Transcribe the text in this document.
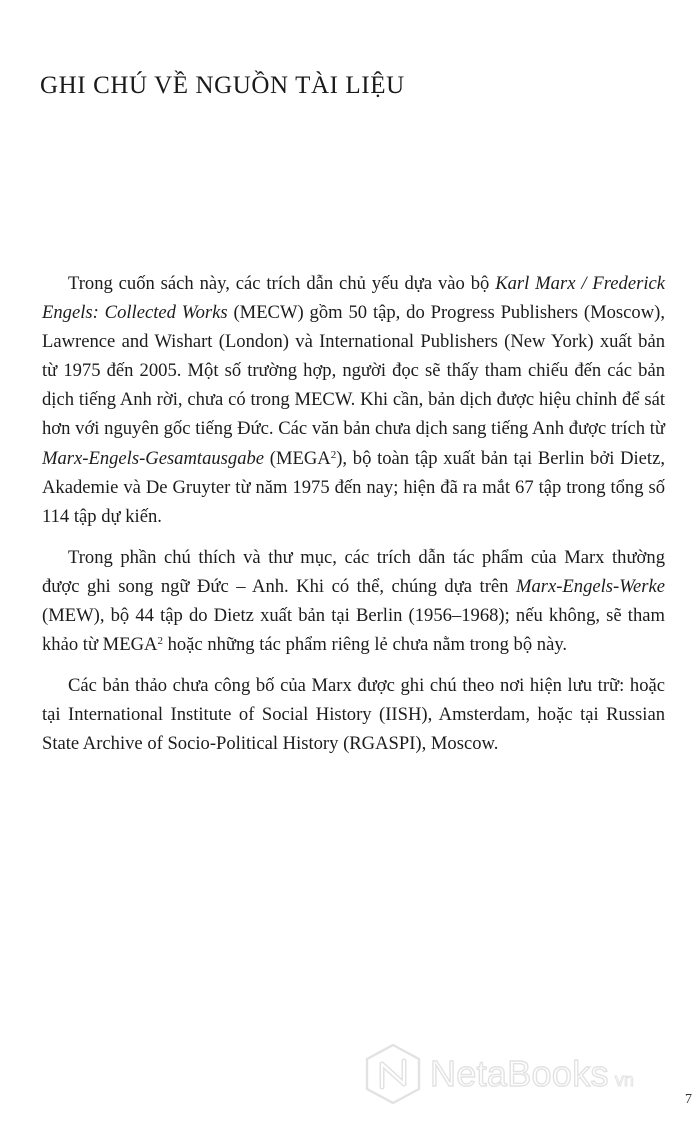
GHI CHÚ VỀ NGUỒN TÀI LIỆU

Trong cuốn sách này, các trích dẫn chủ yếu dựa vào bộ Karl Marx / Frederick Engels: Collected Works (MECW) gồm 50 tập, do Progress Publishers (Moscow), Lawrence and Wishart (London) và International Publishers (New York) xuất bản từ 1975 đến 2005. Một số trường hợp, người đọc sẽ thấy tham chiếu đến các bản dịch tiếng Anh rời, chưa có trong MECW. Khi cần, bản dịch được hiệu chỉnh để sát hơn với nguyên gốc tiếng Đức. Các văn bản chưa dịch sang tiếng Anh được trích từ Marx-Engels-Gesamtausgabe (MEGA$^2$), bộ toàn tập xuất bản tại Berlin bởi Dietz, Akademie và De Gruyter từ năm 1975 đến nay; hiện đã ra mắt 67 tập trong tổng số 114 tập dự kiến.

Trong phần chú thích và thư mục, các trích dẫn tác phẩm của Marx thường được ghi song ngữ Đức – Anh. Khi có thể, chúng dựa trên Marx-Engels-Werke (MEW), bộ 44 tập do Dietz xuất bản tại Berlin (1956–1968); nếu không, sẽ tham khảo từ MEGA$^2$ hoặc những tác phẩm riêng lẻ chưa nằm trong bộ này.

Các bản thảo chưa công bố của Marx được ghi chú theo nơi hiện lưu trữ: hoặc tại International Institute of Social History (IISH), Amsterdam, hoặc tại Russian State Archive of Socio-Political History (RGASPI), Moscow.

NetaBooks vn
7
